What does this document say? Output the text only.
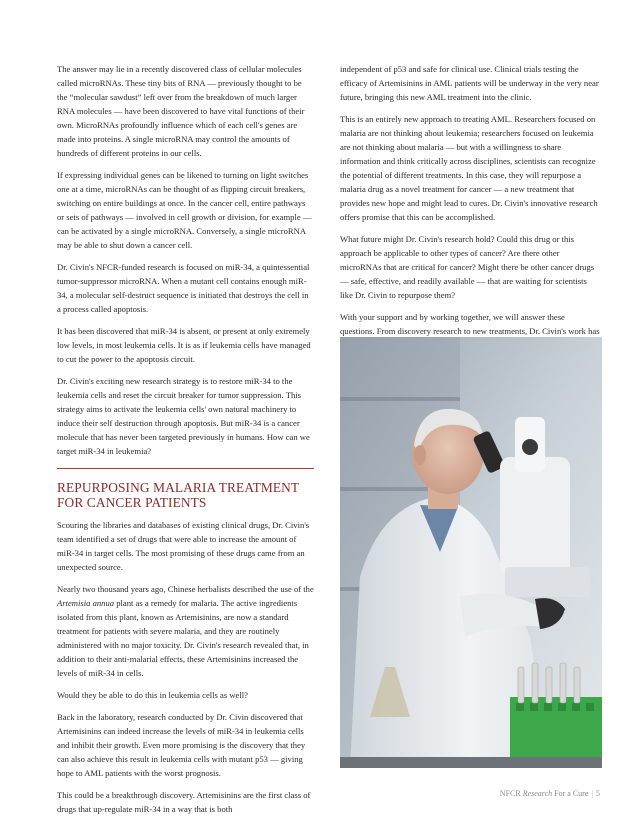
The answer may lie in a recently discovered class of cellular molecules called microRNAs. These tiny bits of RNA — previously thought to be the “molecular sawdust” left over from the breakdown of much larger RNA molecules — have been discovered to have vital functions of their own. MicroRNAs profoundly influence which of each cell's genes are made into proteins. A single microRNA may control the amounts of hundreds of different proteins in our cells.

If expressing individual genes can be likened to turning on light switches one at a time, microRNAs can be thought of as flipping circuit breakers, switching on entire buildings at once. In the cancer cell, entire pathways or sets of pathways — involved in cell growth or division, for example — can be activated by a single microRNA. Conversely, a single microRNA may be able to shut down a cancer cell.

Dr. Civin's NFCR-funded research is focused on miR-34, a quintessential tumor-suppressor microRNA. When a mutant cell contains enough miR-34, a molecular self-destruct sequence is initiated that destroys the cell in a process called apoptosis.

It has been discovered that miR-34 is absent, or present at only extremely low levels, in most leukemia cells. It is as if leukemia cells have managed to cut the power to the apoptosis circuit.

Dr. Civin's exciting new research strategy is to restore miR-34 to the leukemia cells and reset the circuit breaker for tumor suppression. This strategy aims to activate the leukemia cells' own natural machinery to induce their self destruction through apoptosis. But miR-34 is a cancer molecule that has never been targeted previously in humans. How can we target miR-34 in leukemia?

REPURPOSING MALARIA TREATMENT FOR CANCER PATIENTS

Scouring the libraries and databases of existing clinical drugs, Dr. Civin's team identified a set of drugs that were able to increase the amount of miR-34 in target cells. The most promising of these drugs came from an unexpected source.

Nearly two thousand years ago, Chinese herbalists described the use of the Artemisia annua plant as a remedy for malaria. The active ingredients isolated from this plant, known as Artemisinins, are now a standard treatment for patients with severe malaria, and they are routinely administered with no major toxicity. Dr. Civin's research revealed that, in addition to their anti-malarial effects, these Artemisinins increased the levels of miR-34 in cells.

Would they be able to do this in leukemia cells as well?

Back in the laboratory, research conducted by Dr. Civin discovered that Artemisinins can indeed increase the levels of miR-34 in leukemia cells and inhibit their growth. Even more promising is the discovery that they can also achieve this result in leukemia cells with mutant p53 — giving hope to AML patients with the worst prognosis.

This could be a breakthrough discovery. Artemisinins are the first class of drugs that up-regulate miR-34 in a way that is both

independent of p53 and safe for clinical use. Clinical trials testing the efficacy of Artemisinins in AML patients will be underway in the very near future, bringing this new AML treatment into the clinic.

This is an entirely new approach to treating AML. Researchers focused on malaria are not thinking about leukemia; researchers focused on leukemia are not thinking about malaria — but with a willingness to share information and think critically across disciplines, scientists can recognize the potential of different treatments. In this case, they will repurpose a malaria drug as a novel treatment for cancer — a new treatment that provides new hope and might lead to cures. Dr. Civin's innovative research offers promise that this can be accomplished.

What future might Dr. Civin's research hold? Could this drug or this approach be applicable to other types of cancer? Are there other microRNAs that are critical for cancer? Might there be other cancer drugs — safe, effective, and readily available — that are waiting for scientists like Dr. Civin to repurpose them?

With your support and by working together, we will answer these questions. From discovery research to new treatments, Dr. Civin's work has

NFCR Research For a Cure | 5
